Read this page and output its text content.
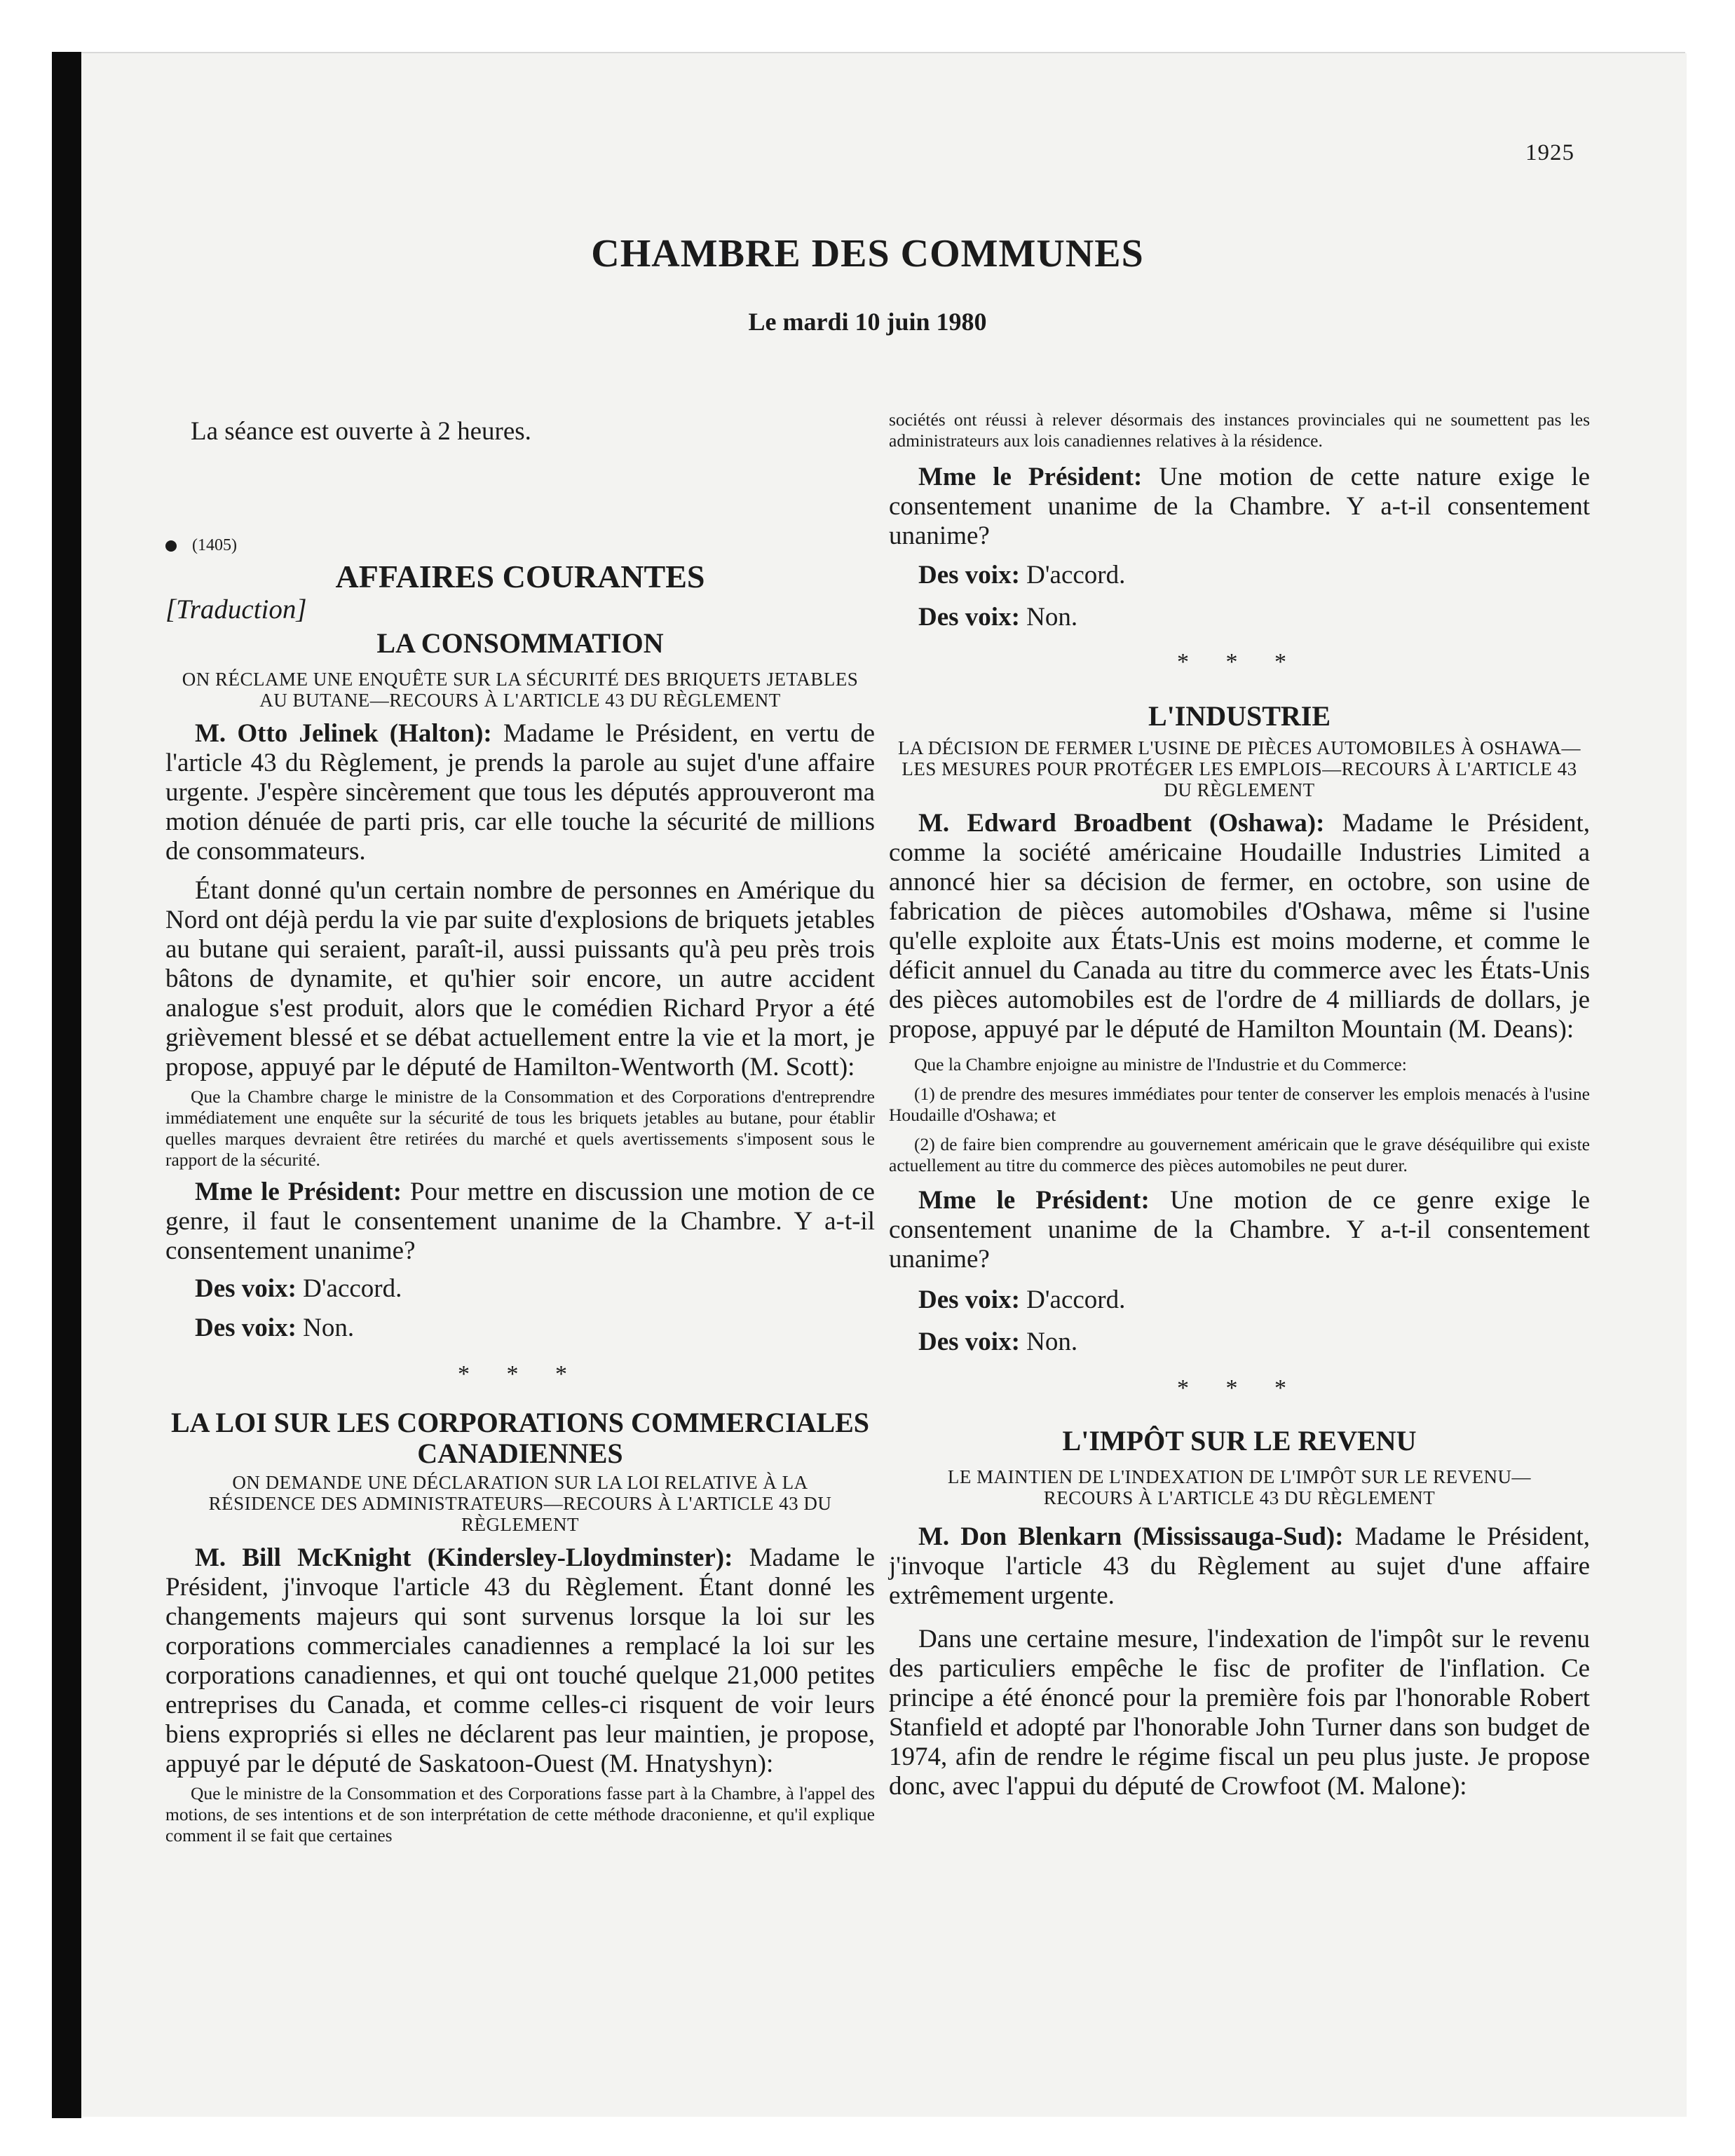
1925
CHAMBRE DES COMMUNES
Le mardi 10 juin 1980

La séance est ouverte à 2 heures.

(1405)
AFFAIRES COURANTES
[Traduction]
LA CONSOMMATION
ON RÉCLAME UNE ENQUÊTE SUR LA SÉCURITÉ DES BRIQUETS JETABLES AU BUTANE—RECOURS À L'ARTICLE 43 DU RÈGLEMENT

M. Otto Jelinek (Halton): Madame le Président, en vertu de l'article 43 du Règlement, je prends la parole au sujet d'une affaire urgente. J'espère sincèrement que tous les députés approuveront ma motion dénuée de parti pris, car elle touche la sécurité de millions de consommateurs.

Étant donné qu'un certain nombre de personnes en Amérique du Nord ont déjà perdu la vie par suite d'explosions de briquets jetables au butane qui seraient, paraît-il, aussi puissants qu'à peu près trois bâtons de dynamite, et qu'hier soir encore, un autre accident analogue s'est produit, alors que le comédien Richard Pryor a été grièvement blessé et se débat actuellement entre la vie et la mort, je propose, appuyé par le député de Hamilton-Wentworth (M. Scott):

Que la Chambre charge le ministre de la Consommation et des Corporations d'entreprendre immédiatement une enquête sur la sécurité de tous les briquets jetables au butane, pour établir quelles marques devraient être retirées du marché et quels avertissements s'imposent sous le rapport de la sécurité.

Mme le Président: Pour mettre en discussion une motion de ce genre, il faut le consentement unanime de la Chambre. Y a-t-il consentement unanime?

Des voix: D'accord.

Des voix: Non.

* * *
LA LOI SUR LES CORPORATIONS COMMERCIALES CANADIENNES
ON DEMANDE UNE DÉCLARATION SUR LA LOI RELATIVE À LA RÉSIDENCE DES ADMINISTRATEURS—RECOURS À L'ARTICLE 43 DU RÈGLEMENT

M. Bill McKnight (Kindersley-Lloydminster): Madame le Président, j'invoque l'article 43 du Règlement. Étant donné les changements majeurs qui sont survenus lorsque la loi sur les corporations commerciales canadiennes a remplacé la loi sur les corporations canadiennes, et qui ont touché quelque 21,000 petites entreprises du Canada, et comme celles-ci risquent de voir leurs biens expropriés si elles ne déclarent pas leur maintien, je propose, appuyé par le député de Saskatoon-Ouest (M. Hnatyshyn):

Que le ministre de la Consommation et des Corporations fasse part à la Chambre, à l'appel des motions, de ses intentions et de son interprétation de cette méthode draconienne, et qu'il explique comment il se fait que certaines

sociétés ont réussi à relever désormais des instances provinciales qui ne soumettent pas les administrateurs aux lois canadiennes relatives à la résidence.

Mme le Président: Une motion de cette nature exige le consentement unanime de la Chambre. Y a-t-il consentement unanime?

Des voix: D'accord.

Des voix: Non.

* * *
L'INDUSTRIE
LA DÉCISION DE FERMER L'USINE DE PIÈCES AUTOMOBILES À OSHAWA—LES MESURES POUR PROTÉGER LES EMPLOIS—RECOURS À L'ARTICLE 43 DU RÈGLEMENT

M. Edward Broadbent (Oshawa): Madame le Président, comme la société américaine Houdaille Industries Limited a annoncé hier sa décision de fermer, en octobre, son usine de fabrication de pièces automobiles d'Oshawa, même si l'usine qu'elle exploite aux États-Unis est moins moderne, et comme le déficit annuel du Canada au titre du commerce avec les États-Unis des pièces automobiles est de l'ordre de 4 milliards de dollars, je propose, appuyé par le député de Hamilton Mountain (M. Deans):

Que la Chambre enjoigne au ministre de l'Industrie et du Commerce:

(1) de prendre des mesures immédiates pour tenter de conserver les emplois menacés à l'usine Houdaille d'Oshawa; et

(2) de faire bien comprendre au gouvernement américain que le grave déséquilibre qui existe actuellement au titre du commerce des pièces automobiles ne peut durer.

Mme le Président: Une motion de ce genre exige le consentement unanime de la Chambre. Y a-t-il consentement unanime?

Des voix: D'accord.

Des voix: Non.

* * *
L'IMPÔT SUR LE REVENU
LE MAINTIEN DE L'INDEXATION DE L'IMPÔT SUR LE REVENU—RECOURS À L'ARTICLE 43 DU RÈGLEMENT

M. Don Blenkarn (Mississauga-Sud): Madame le Président, j'invoque l'article 43 du Règlement au sujet d'une affaire extrêmement urgente.

Dans une certaine mesure, l'indexation de l'impôt sur le revenu des particuliers empêche le fisc de profiter de l'inflation. Ce principe a été énoncé pour la première fois par l'honorable Robert Stanfield et adopté par l'honorable John Turner dans son budget de 1974, afin de rendre le régime fiscal un peu plus juste. Je propose donc, avec l'appui du député de Crowfoot (M. Malone):
